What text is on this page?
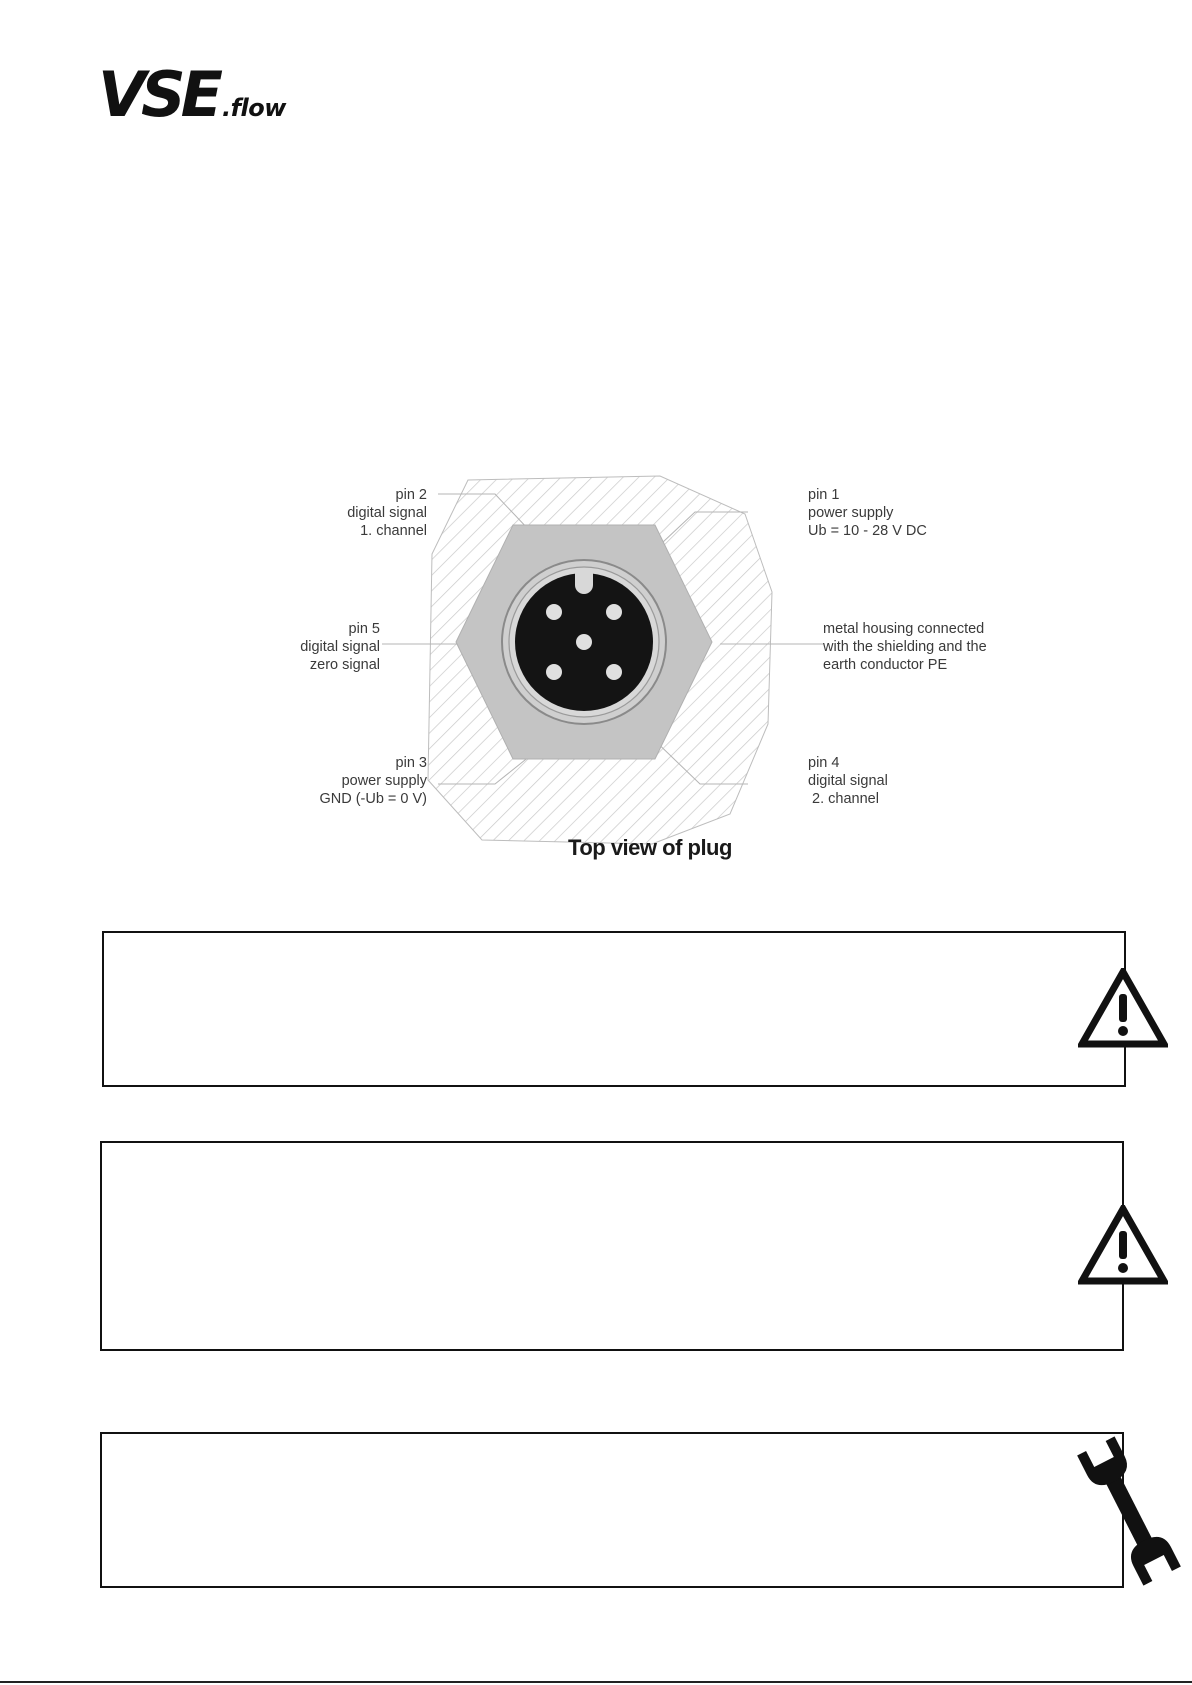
VSE .flow
pin 2
digital signal
1. channel
pin 1
power supply
Ub = 10 - 28 V DC
pin 5
digital signal
zero signal
metal housing connected
with the shielding and the
earth conductor PE
pin 3
power supply
GND (-Ub = 0 V)
pin 4
digital signal
2. channel
Top view of plug
